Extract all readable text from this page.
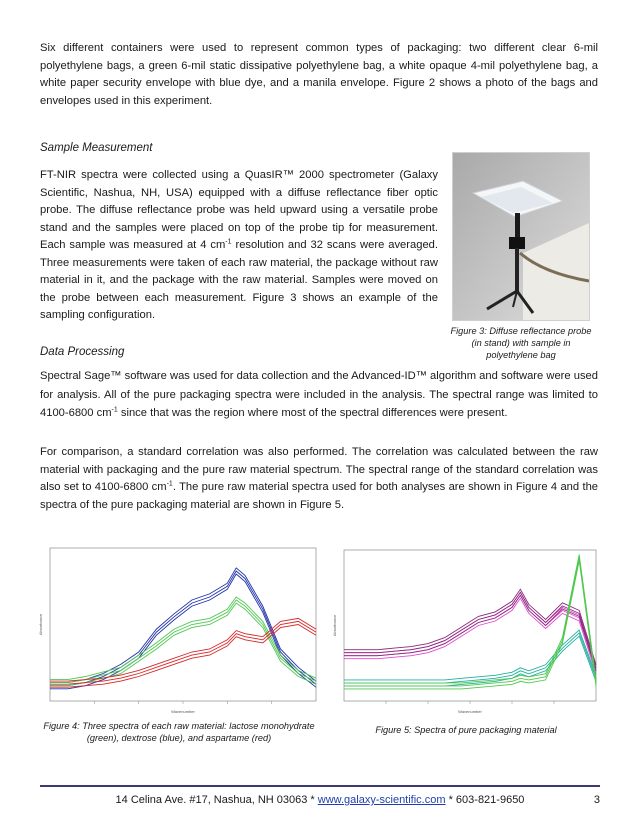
Six different containers were used to represent common types of packaging: two different clear 6-mil polyethylene bags, a green 6-mil static dissipative polyethylene bag, a white opaque 4-mil polyethylene bag, a white paper security envelope with blue dye, and a manila envelope. Figure 2 shows a photo of the bags and envelopes used in this experiment.
Sample Measurement
FT-NIR spectra were collected using a QuasIR™ 2000 spectrometer (Galaxy Scientific, Nashua, NH, USA) equipped with a diffuse reflectance fiber optic probe. The diffuse reflectance probe was held upward using a versatile probe stand and the samples were placed on top of the probe tip for measurement. Each sample was measured at 4 $cm^{-1}$ resolution and 32 scans were averaged. Three measurements were taken of each raw material, the package without raw material in it, and the package with the raw material. Samples were moved on the probe between each measurement. Figure 3 shows an example of the sampling configuration.
Figure 3: Diffuse reflectance probe (in stand) with sample in polyethylene bag
Data Processing
Spectral Sage™ software was used for data collection and the Advanced-ID™ algorithm and software were used for analysis. All of the pure packaging spectra were included in the analysis. The spectral range was limited to 4100-6800 $cm^{-1}$ since that was the region where most of the spectral differences were present.
For comparison, a standard correlation was also performed. The correlation was calculated between the raw material with packaging and the pure raw material spectrum. The spectral range of the standard correlation was also set to 4100-6800 $cm^{-1}$. The pure raw material spectra used for both analyses are shown in Figure 4 and the spectra of the pure packaging material are shown in Figure 5.
Wavenumber
Absorbance
Figure 4: Three spectra of each raw material: lactose monohydrate (green), dextrose (blue), and aspartame (red)
Wavenumber
Absorbance
Figure 5: Spectra of pure packaging material
14 Celina Ave. #17, Nashua, NH 03063 * www.galaxy-scientific.com * 603-821-9650	3
